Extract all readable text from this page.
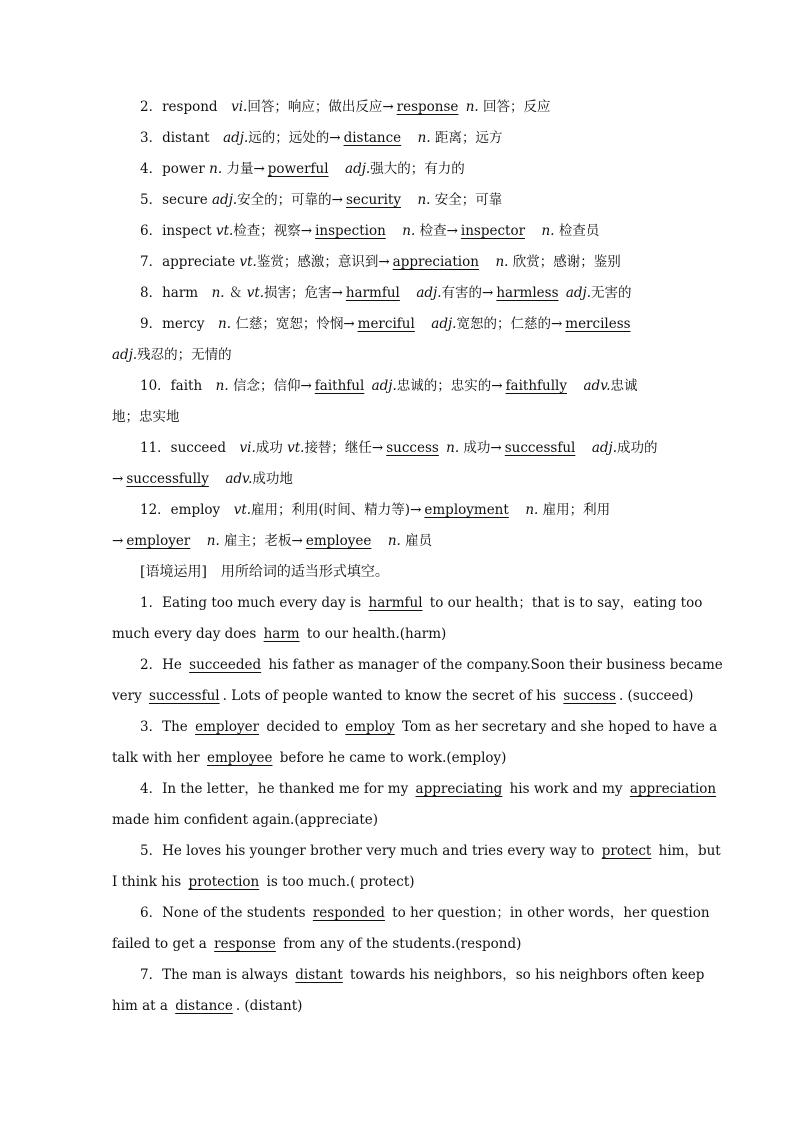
2．respond　vi.回答；响应；做出反应→ response n. 回答；反应
3．distant　adj.远的；远处的→ distance　 n. 距离；远方
4．power n. 力量→ powerful　 adj.强大的；有力的
5．secure adj.安全的；可靠的→ security　 n. 安全；可靠
6．inspect vt.检查；视察→ inspection　 n. 检查→ inspector　 n. 检查员
7．appreciate vt.鉴赏；感激；意识到→ appreciation　 n. 欣赏；感谢；鉴别
8．harm　n. ＆ vt.损害；危害→ harmful　 adj.有害的→ harmless adj.无害的
9．mercy　n. 仁慈；宽恕；怜悯→ merciful　 adj.宽恕的；仁慈的→ merciless
adj.残忍的；无情的
10．faith　n. 信念；信仰→ faithful adj.忠诚的；忠实的→ faithfully　 adv.忠诚
地；忠实地
11．succeed　vi.成功 vt.接替；继任→ success n. 成功→ successful　 adj.成功的
→ successfully　 adv.成功地
12．employ　vt.雇用；利用(时间、精力等)→ employment　 n. 雇用；利用
→ employer　 n. 雇主；老板→ employee　 n. 雇员
[语境运用]　用所给词的适当形式填空。
1．Eating too much every day is harmful to our health；that is to say，eating too
much every day does harm to our health.(harm)
2．He succeeded his father as manager of the company.Soon their business became
very successful . Lots of people wanted to know the secret of his success . (succeed)
3．The employer decided to employ Tom as her secretary and she hoped to have a
talk with her employee before he came to work.(employ)
4．In the letter，he thanked me for my appreciating his work and my appreciation
made him confident again.(appreciate)
5．He loves his younger brother very much and tries every way to protect him，but
I think his protection is too much.( protect)
6．None of the students responded to her question；in other words，her question
failed to get a response from any of the students.(respond)
7．The man is always distant towards his neighbors，so his neighbors often keep
him at a distance . (distant)
